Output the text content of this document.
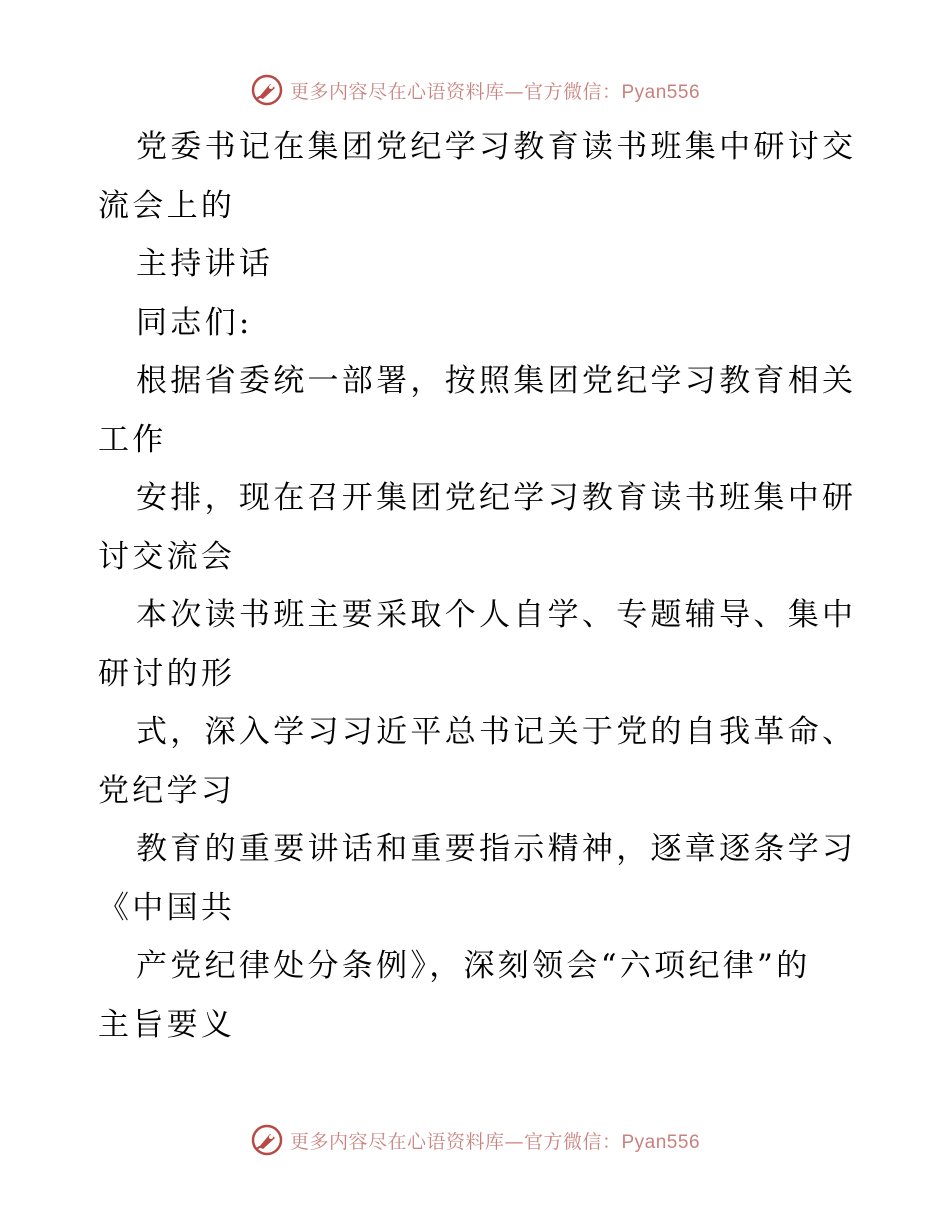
更多内容尽在心语资料库—官方微信：Pyan556
党委书记在集团党纪学习教育读书班集中研讨交
流会上的
主持讲话
同志们:
根据省委统一部署，按照集团党纪学习教育相关
工作
安排，现在召开集团党纪学习教育读书班集中研
讨交流会
本次读书班主要采取个人自学、专题辅导、集中
研讨的形
式，深入学习习近平总书记关于党的自我革命、
党纪学习
教育的重要讲话和重要指示精神，逐章逐条学习
《中国共
产党纪律处分条例》，深刻领会“六项纪律”的
主旨要义
更多内容尽在心语资料库—官方微信：Pyan556
